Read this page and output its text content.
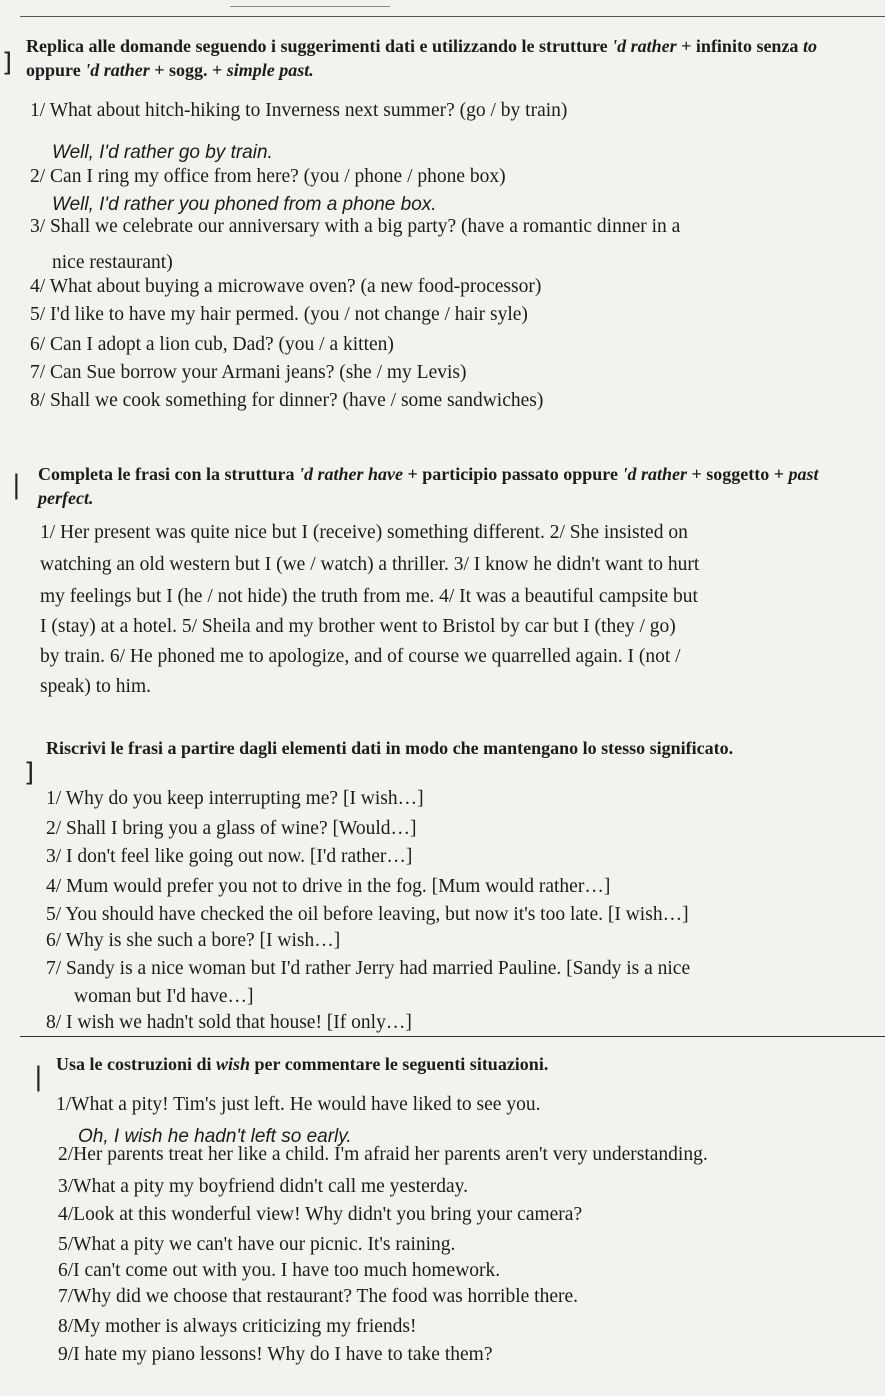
]

Replica alle domande seguendo i suggerimenti dati e utilizzando le strutture 'd rather + infinito senza to oppure 'd rather + sogg. + simple past.

1/ What about hitch-hiking to Inverness next summer? (go / by train)
Well, I'd rather go by train.
2/ Can I ring my office from here? (you / phone / phone box)
Well, I'd rather you phoned from a phone box.
3/ Shall we celebrate our anniversary with a big party? (have a romantic dinner in a
nice restaurant)
4/ What about buying a microwave oven? (a new food-processor)
5/ I'd like to have my hair permed. (you / not change / hair syle)
6/ Can I adopt a lion cub, Dad? (you / a kitten)
7/ Can Sue borrow your Armani jeans? (she / my Levis)
8/ Shall we cook something for dinner? (have / some sandwiches)
| Completa le frasi con la struttura 'd rather have + participio passato oppure 'd rather + soggetto + past perfect.

1/ Her present was quite nice but I (receive) something different. 2/ She insisted on
watching an old western but I (we / watch) a thriller. 3/ I know he didn't want to hurt
my feelings but I (he / not hide) the truth from me. 4/ It was a beautiful campsite but
I (stay) at a hotel. 5/ Sheila and my brother went to Bristol by car but I (they / go)
by train. 6/ He phoned me to apologize, and of course we quarrelled again. I (not /
speak) to him.
]

Riscrivi le frasi a partire dagli elementi dati in modo che mantengano lo stesso significato.

1/ Why do you keep interrupting me? [I wish…]
2/ Shall I bring you a glass of wine? [Would…]
3/ I don't feel like going out now. [I'd rather…]
4/ Mum would prefer you not to drive in the fog. [Mum would rather…]
5/ You should have checked the oil before leaving, but now it's too late. [I wish…]
6/ Why is she such a bore? [I wish…]
7/ Sandy is a nice woman but I'd rather Jerry had married Pauline. [Sandy is a nice
woman but I'd have…]
8/ I wish we hadn't sold that house! [If only…]
| Usa le costruzioni di wish per commentare le seguenti situazioni.

1/What a pity! Tim's just left. He would have liked to see you.
Oh, I wish he hadn't left so early.
2/Her parents treat her like a child. I'm afraid her parents aren't very understanding.
3/What a pity my boyfriend didn't call me yesterday.
4/Look at this wonderful view! Why didn't you bring your camera?
5/What a pity we can't have our picnic. It's raining.
6/I can't come out with you. I have too much homework.
7/Why did we choose that restaurant? The food was horrible there.
8/My mother is always criticizing my friends!
9/I hate my piano lessons! Why do I have to take them?
